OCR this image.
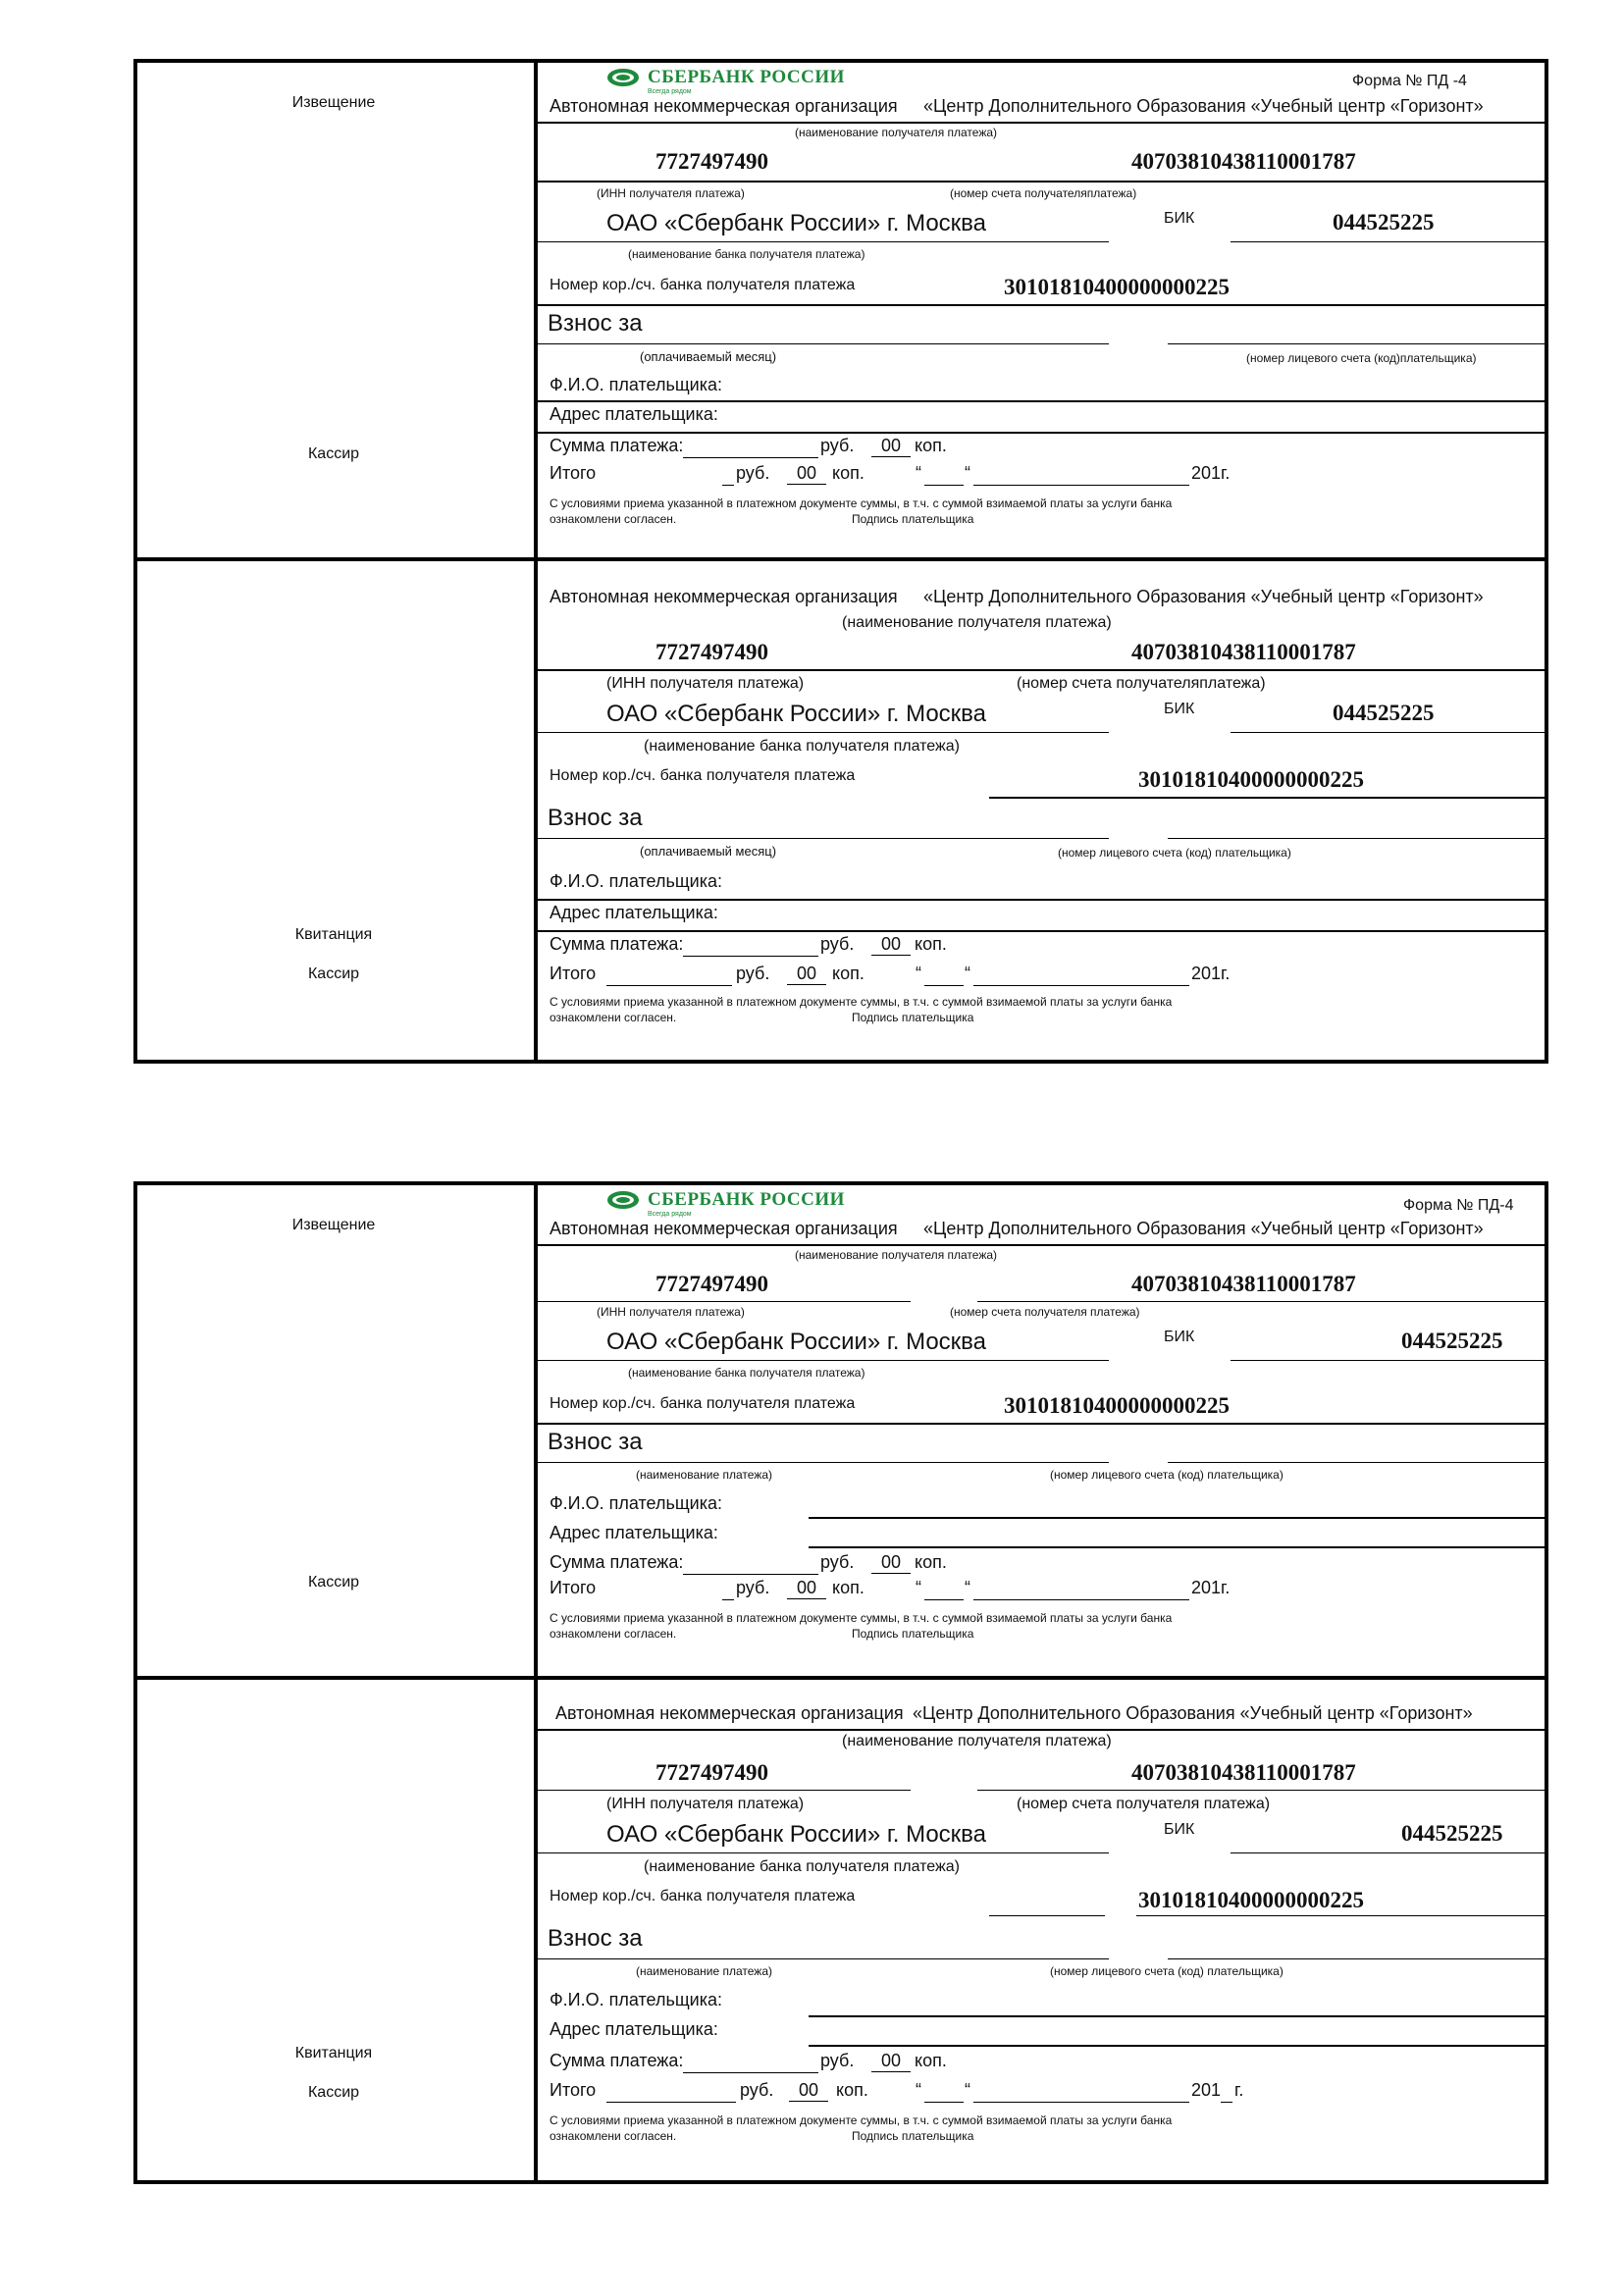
Извещение
Кассир
СБЕРБАНК РОССИИ
Всегда рядом
Форма № ПД -4
Автономная некоммерческая организация «Центр Дополнительного Образования «Учебный центр «Горизонт»
(наименование получателя платежа)
7727497490	40703810438110001787
(ИНН получателя платежа)	(номер счета получателяплатежа)
ОАО «Сбербанк России» г. Москва	БИК	044525225
(наименование банка получателя платежа)
Номер кор./сч. банка получателя платежа	30101810400000000225
Взнос за
(оплачиваемый месяц)	(номер лицевого счета (код)плательщика)
Ф.И.О. плательщика:
Адрес плательщика:
Сумма платежа:	руб.	00 коп.
Итого	руб.	00 коп.	“ “	201 г.
С условиями приема указанной в платежном документе суммы, в т.ч. с суммой взимаемой платы за услуги банка
ознакомлени согласен.	Подпись плательщика
Квитанция
Кассир
Автономная некоммерческая организация «Центр Дополнительного Образования «Учебный центр «Горизонт»
(наименование получателя платежа)
7727497490	40703810438110001787
(ИНН получателя платежа)	(номер счета получателяплатежа)
ОАО «Сбербанк России» г. Москва	БИК	044525225
(наименование банка получателя платежа)
Номер кор./сч. банка получателя платежа	30101810400000000225
Взнос за
(оплачиваемый месяц)	(номер лицевого счета (код) плательщика)
Ф.И.О. плательщика:
Адрес плательщика:
Сумма платежа:	руб.	00 коп.
Итого	руб.	00 коп.	“ “	201 г.
С условиями приема указанной в платежном документе суммы, в т.ч. с суммой взимаемой платы за услуги банка
ознакомлени согласен.	Подпись плательщика
Извещение
Кассир
СБЕРБАНК РОССИИ
Всегда рядом
Форма № ПД-4
Автономная некоммерческая организация «Центр Дополнительного Образования «Учебный центр «Горизонт»
(наименование получателя платежа)
7727497490	40703810438110001787
(ИНН получателя платежа)	(номер счета получателя платежа)
ОАО «Сбербанк России» г. Москва	БИК	044525225
(наименование банка получателя платежа)
Номер кор./сч. банка получателя платежа	30101810400000000225
Взнос за
(наименование платежа)	(номер лицевого счета (код) плательщика)
Ф.И.О. плательщика:
Адрес плательщика:
Сумма платежа:	руб.	00 коп.
Итого	руб.	00 коп.	“ “	201 г.
С условиями приема указанной в платежном документе суммы, в т.ч. с суммой взимаемой платы за услуги банка
ознакомлени согласен.	Подпись плательщика
Квитанция
Кассир
Автономная некоммерческая организация «Центр Дополнительного Образования «Учебный центр «Горизонт»
(наименование получателя платежа)
7727497490	40703810438110001787
(ИНН получателя платежа)	(номер счета получателя платежа)
ОАО «Сбербанк России» г. Москва	БИК	044525225
(наименование банка получателя платежа)
Номер кор./сч. банка получателя платежа	30101810400000000225
Взнос за
(наименование платежа)	(номер лицевого счета (код) плательщика)
Ф.И.О. плательщика:
Адрес плательщика:
Сумма платежа:	руб.	00 коп.
Итого	руб.	00 коп.	“ “	201 г.
С условиями приема указанной в платежном документе суммы, в т.ч. с суммой взимаемой платы за услуги банка
ознакомлени согласен.	Подпись плательщика
